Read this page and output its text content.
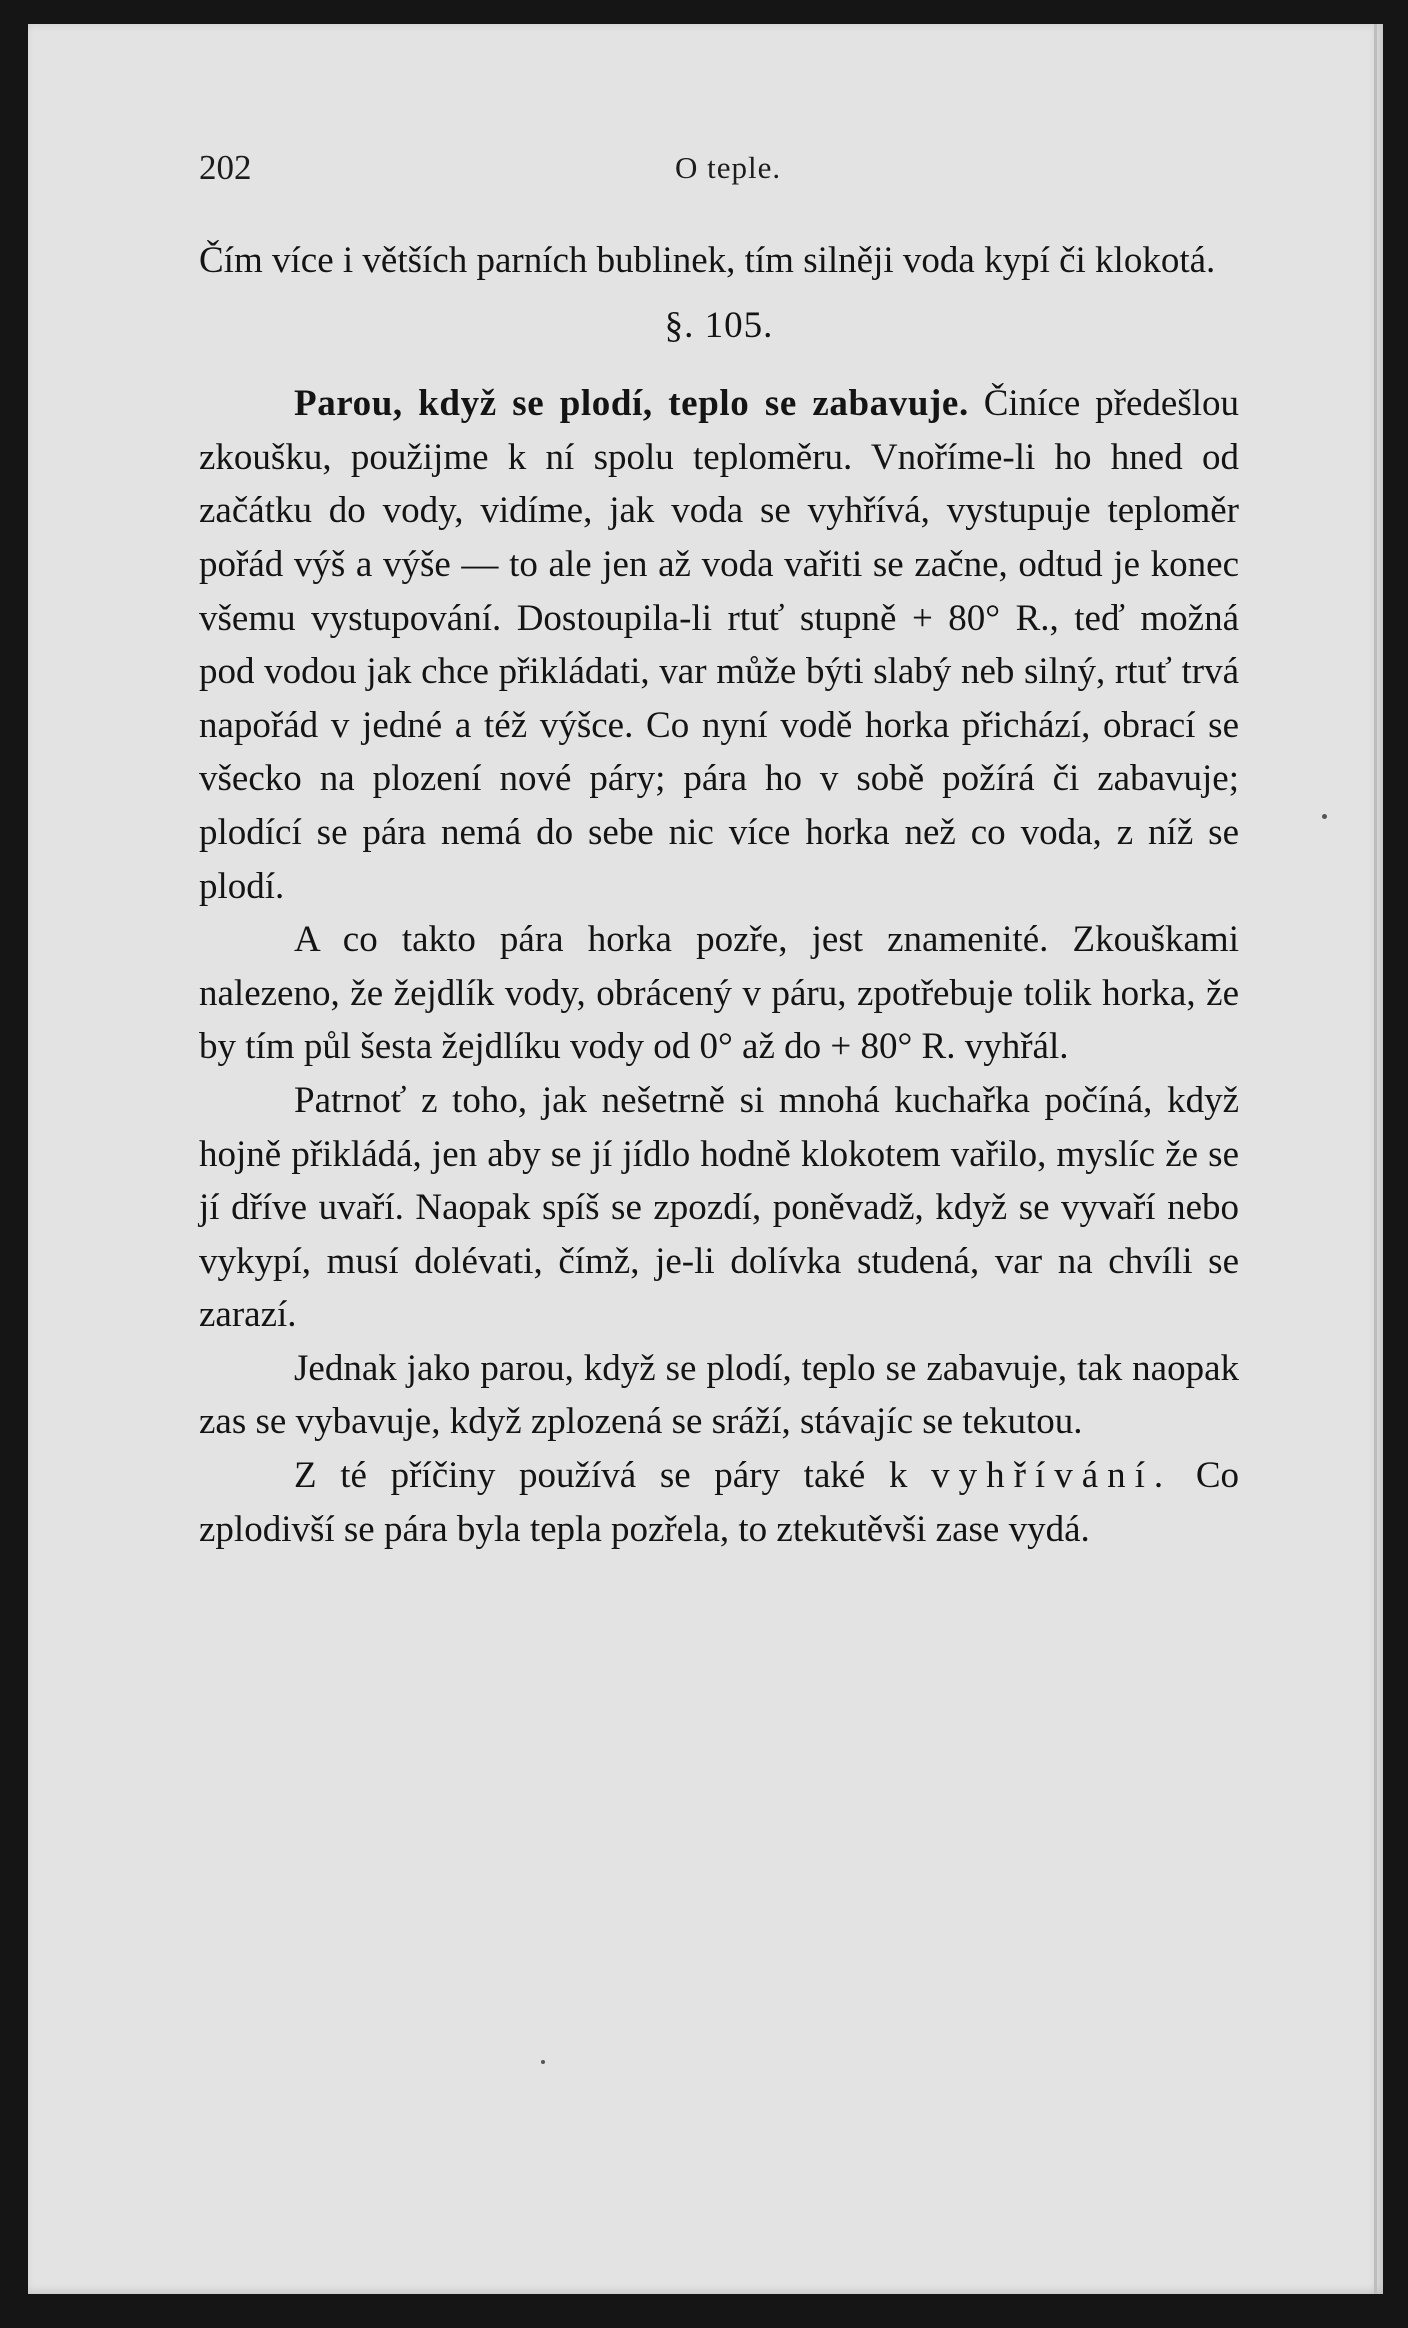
202	O teple.

Čím více i větších parních bublinek, tím silněji voda kypí či klokotá.

§. 105.

Parou, když se plodí, teplo se zabavuje. Činíce předešlou zkoušku, použijme k ní spolu teploměru. Vnoříme-li ho hned od začátku do vody, vidíme, jak voda se vyhřívá, vystupuje teploměr pořád výš a výše — to ale jen až voda vařiti se začne, odtud je konec všemu vystupování. Dostoupila-li rtuť stupně + 80° R., teď možná pod vodou jak chce přikládati, var může býti slabý neb silný, rtuť trvá napořád v jedné a též výšce. Co nyní vodě horka přichází, obrací se všecko na plození nové páry; pára ho v sobě požírá či zabavuje; plodící se pára nemá do sebe nic více horka než co voda, z níž se plodí.

A co takto pára horka pozře, jest znamenité. Zkouškami nalezeno, že žejdlík vody, obrácený v páru, zpotřebuje tolik horka, že by tím půl šesta žejdlíku vody od 0° až do + 80° R. vyhřál.

Patrnoť z toho, jak nešetrně si mnohá kuchařka počíná, když hojně přikládá, jen aby se jí jídlo hodně klokotem vařilo, myslíc že se jí dříve uvaří. Naopak spíš se zpozdí, poněvadž, když se vyvaří nebo vykypí, musí dolévati, čímž, je-li dolívka studená, var na chvíli se zarazí.

Jednak jako parou, když se plodí, teplo se zabavuje, tak naopak zas se vybavuje, když zplozená se sráží, stávajíc se tekutou.

Z té příčiny používá se páry také k vyhřívání. Co zplodivší se pára byla tepla pozřela, to ztekutěvši zase vydá.
